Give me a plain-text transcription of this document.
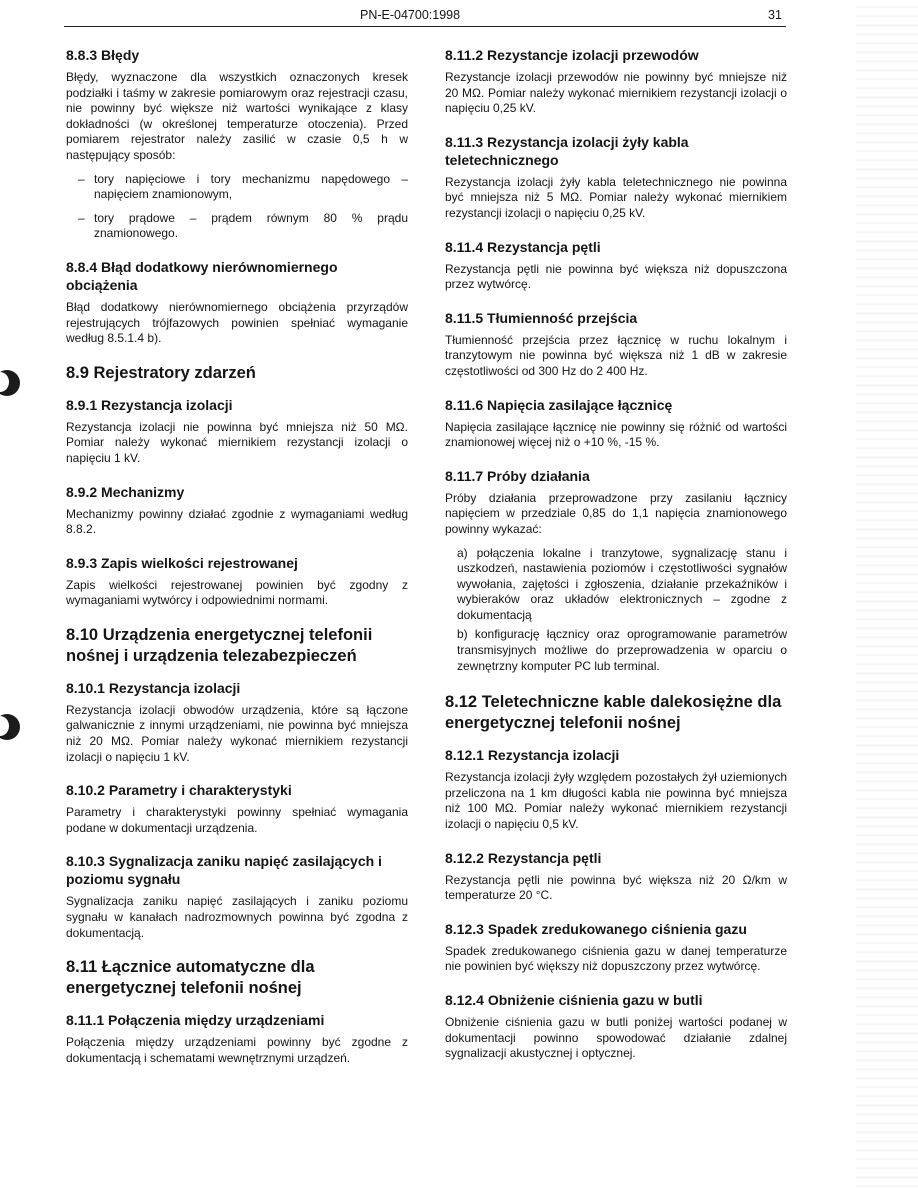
PN-E-04700:1998	31
8.8.3 Błędy

Błędy, wyznaczone dla wszystkich oznaczonych kresek podziałki i taśmy w zakresie pomiarowym oraz rejestracji czasu, nie powinny być większe niż wartości wynikające z klasy dokładności (w określonej temperaturze otoczenia). Przed pomiarem rejestrator należy zasilić w czasie 0,5 h w następujący sposób:

– tory napięciowe i tory mechanizmu napędowego – napięciem znamionowym,
– tory prądowe – prądem równym 80 % prądu znamionowego.
8.8.4 Błąd dodatkowy nierównomiernego obciążenia

Błąd dodatkowy nierównomiernego obciążenia przyrządów rejestrujących trójfazowych powinien spełniać wymaganie według 8.5.1.4 b).

8.9 Rejestratory zdarzeń
8.9.1 Rezystancja izolacji

Rezystancja izolacji nie powinna być mniejsza niż 50 MΩ. Pomiar należy wykonać miernikiem rezystancji izolacji o napięciu 1 kV.

8.9.2 Mechanizmy

Mechanizmy powinny działać zgodnie z wymaganiami według 8.8.2.

8.9.3 Zapis wielkości rejestrowanej

Zapis wielkości rejestrowanej powinien być zgodny z wymaganiami wytwórcy i odpowiednimi normami.

8.10 Urządzenia energetycznej telefonii nośnej i urządzenia telezabezpieczeń
8.10.1 Rezystancja izolacji

Rezystancja izolacji obwodów urządzenia, które są łączone galwanicznie z innymi urządzeniami, nie powinna być mniejsza niż 20 MΩ. Pomiar należy wykonać miernikiem rezystancji izolacji o napięciu 1 kV.

8.10.2 Parametry i charakterystyki

Parametry i charakterystyki powinny spełniać wymagania podane w dokumentacji urządzenia.

8.10.3 Sygnalizacja zaniku napięć zasilających i poziomu sygnału

Sygnalizacja zaniku napięć zasilających i zaniku poziomu sygnału w kanałach nadrozmownych powinna być zgodna z dokumentacją.

8.11 Łącznice automatyczne dla energetycznej telefonii nośnej
8.11.1 Połączenia między urządzeniami

Połączenia między urządzeniami powinny być zgodne z dokumentacją i schematami wewnętrznymi urządzeń.

8.11.2 Rezystancje izolacji przewodów

Rezystancje izolacji przewodów nie powinny być mniejsze niż 20 MΩ. Pomiar należy wykonać miernikiem rezystancji izolacji o napięciu 0,25 kV.

8.11.3 Rezystancja izolacji żyły kabla teletechnicznego

Rezystancja izolacji żyły kabla teletechnicznego nie powinna być mniejsza niż 5 MΩ. Pomiar należy wykonać miernikiem rezystancji izolacji o napięciu 0,25 kV.

8.11.4 Rezystancja pętli

Rezystancja pętli nie powinna być większa niż dopuszczona przez wytwórcę.

8.11.5 Tłumienność przejścia

Tłumienność przejścia przez łącznicę w ruchu lokalnym i tranzytowym nie powinna być większa niż 1 dB w zakresie częstotliwości od 300 Hz do 2 400 Hz.

8.11.6 Napięcia zasilające łącznicę

Napięcia zasilające łącznicę nie powinny się różnić od wartości znamionowej więcej niż o +10 %, -15 %.

8.11.7 Próby działania

Próby działania przeprowadzone przy zasilaniu łącznicy napięciem w przedziale 0,85 do 1,1 napięcia znamionowego powinny wykazać:

a) połączenia lokalne i tranzytowe, sygnalizację stanu i uszkodzeń, nastawienia poziomów i częstotliwości sygnałów wywołania, zajętości i zgłoszenia, działanie przekaźników i wybieraków oraz układów elektronicznych – zgodne z dokumentacją

b) konfigurację łącznicy oraz oprogramowanie parametrów transmisyjnych możliwe do przeprowadzenia w oparciu o zewnętrzny komputer PC lub terminal.

8.12 Teletechniczne kable dalekosiężne dla energetycznej telefonii nośnej
8.12.1 Rezystancja izolacji

Rezystancja izolacji żyły względem pozostałych żył uziemionych przeliczona na 1 km długości kabla nie powinna być mniejsza niż 100 MΩ. Pomiar należy wykonać miernikiem rezystancji izolacji o napięciu 0,5 kV.

8.12.2 Rezystancja pętli

Rezystancja pętli nie powinna być większa niż 20 Ω/km w temperaturze 20 °C.

8.12.3 Spadek zredukowanego ciśnienia gazu

Spadek zredukowanego ciśnienia gazu w danej temperaturze nie powinien być większy niż dopuszczony przez wytwórcę.

8.12.4 Obniżenie ciśnienia gazu w butli

Obniżenie ciśnienia gazu w butli poniżej wartości podanej w dokumentacji powinno spowodować działanie zdalnej sygnalizacji akustycznej i optycznej.
